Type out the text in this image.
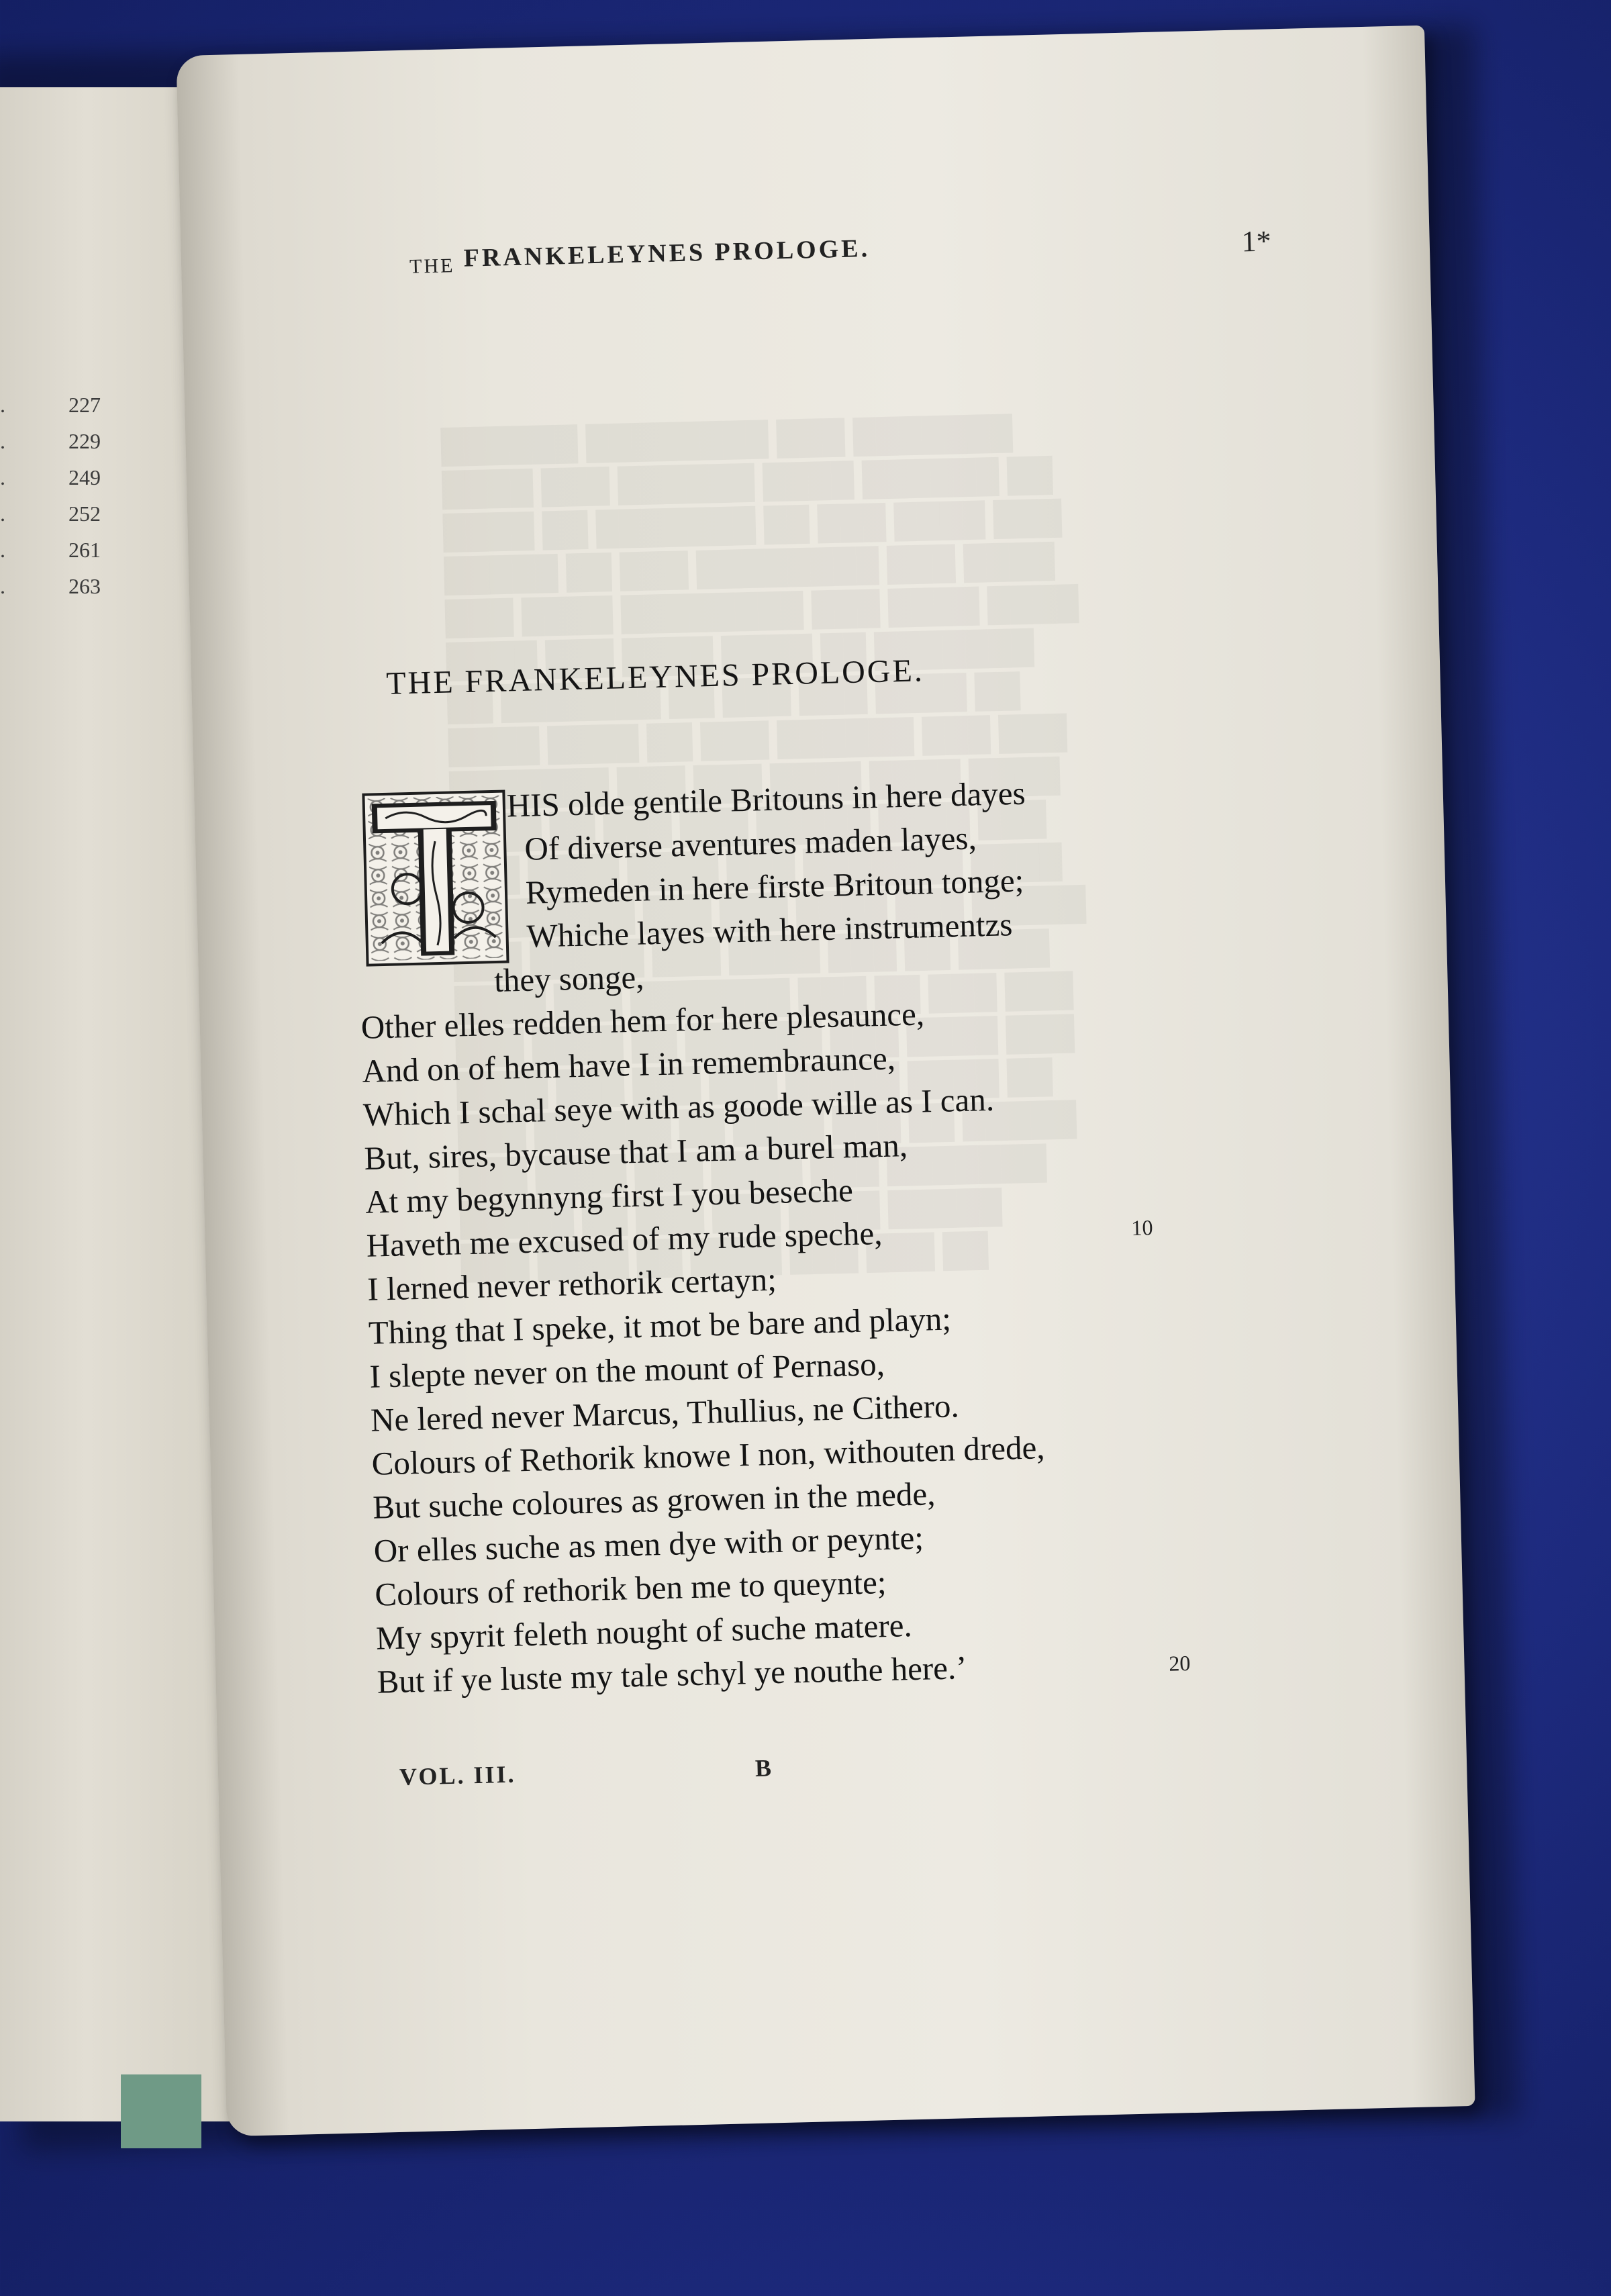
.	227
.	229
.	249
.	252
.	261
.	263

$_{THE}$ FRANKELEYNES PROLOGE.	1*
THE FRANKELEYNES PROLOGE.
HIS olde gentile Britouns in here dayes
Of diverse aventures maden layes,
Rymeden in here firste Britoun tonge;
Whiche layes with here instrumentzs
they songe,
Other elles redden hem for here plesaunce,
And on of hem have I in remembraunce,
Which I schal seye with as goode wille as I can.
But, sires, bycause that I am a burel man,
At my begynnyng first I you beseche
Haveth me excused of my rude speche,	10
I lerned never rethorik certayn;
Thing that I speke, it mot be bare and playn;
I slepte never on the mount of Pernaso,
Ne lered never Marcus, Thullius, ne Cithero.
Colours of Rethorik knowe I non, withouten drede,
But suche coloures as growen in the mede,
Or elles suche as men dye with or peynte;
Colours of rethorik ben me to queynte;
My spyrit feleth nought of suche matere.
But if ye luste my tale schyl ye nouthe here.’	20
VOL. III.	B
